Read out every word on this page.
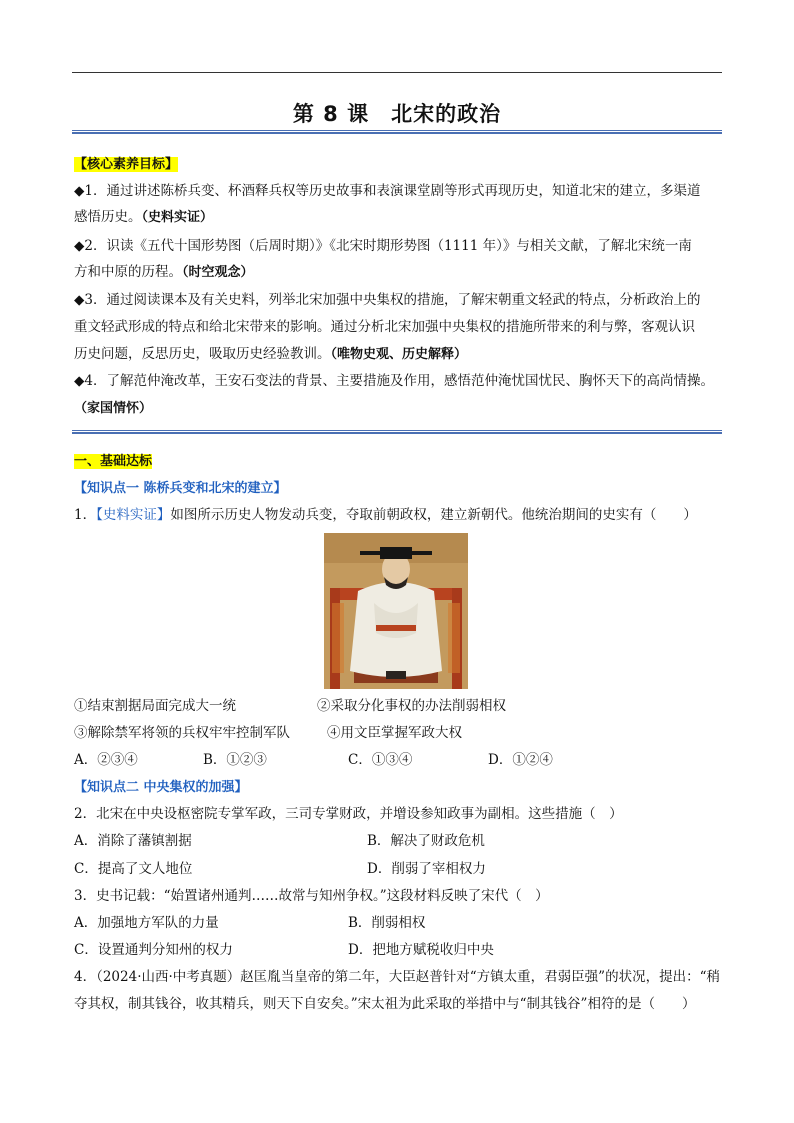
第 8 课　北宋的政治
【核心素养目标】
◆1．通过讲述陈桥兵变、杯酒释兵权等历史故事和表演课堂剧等形式再现历史，知道北宋的建立，多渠道
感悟历史。（史料实证）
◆2．识读《五代十国形势图（后周时期）》《北宋时期形势图（1111 年）》与相关文献，了解北宋统一南
方和中原的历程。（时空观念）
◆3．通过阅读课本及有关史料，列举北宋加强中央集权的措施，了解宋朝重文轻武的特点，分析政治上的
重文轻武形成的特点和给北宋带来的影响。通过分析北宋加强中央集权的措施所带来的利与弊，客观认识
历史问题，反思历史，吸取历史经验教训。（唯物史观、历史解释）
◆4．了解范仲淹改革，王安石变法的背景、主要措施及作用，感悟范仲淹忧国忧民、胸怀天下的高尚情操。
（家国情怀）
一、基础达标
【知识点一 陈桥兵变和北宋的建立】
1．【史料实证】如图所示历史人物发动兵变，夺取前朝政权，建立新朝代。他统治期间的史实有（　　）
①结束割据局面完成大一统	②采取分化事权的办法削弱相权
③解除禁军将领的兵权牢牢控制军队	④用文臣掌握军政大权
A．②③④	B．①②③	C．①③④	D．①②④
【知识点二 中央集权的加强】
2．北宋在中央设枢密院专掌军政，三司专掌财政，并增设参知政事为副相。这些措施（　）
A．消除了藩镇割据	B．解决了财政危机
C．提高了文人地位	D．削弱了宰相权力
3．史书记载：“始置诸州通判……故常与知州争权。”这段材料反映了宋代（　）
A．加强地方军队的力量	B．削弱相权
C．设置通判分知州的权力	D．把地方赋税收归中央
4．（2024·山西·中考真题）赵匡胤当皇帝的第二年，大臣赵普针对“方镇太重，君弱臣强”的状况，提出：“稍
夺其权，制其钱谷，收其精兵，则天下自安矣。”宋太祖为此采取的举措中与“制其钱谷”相符的是（　　）
